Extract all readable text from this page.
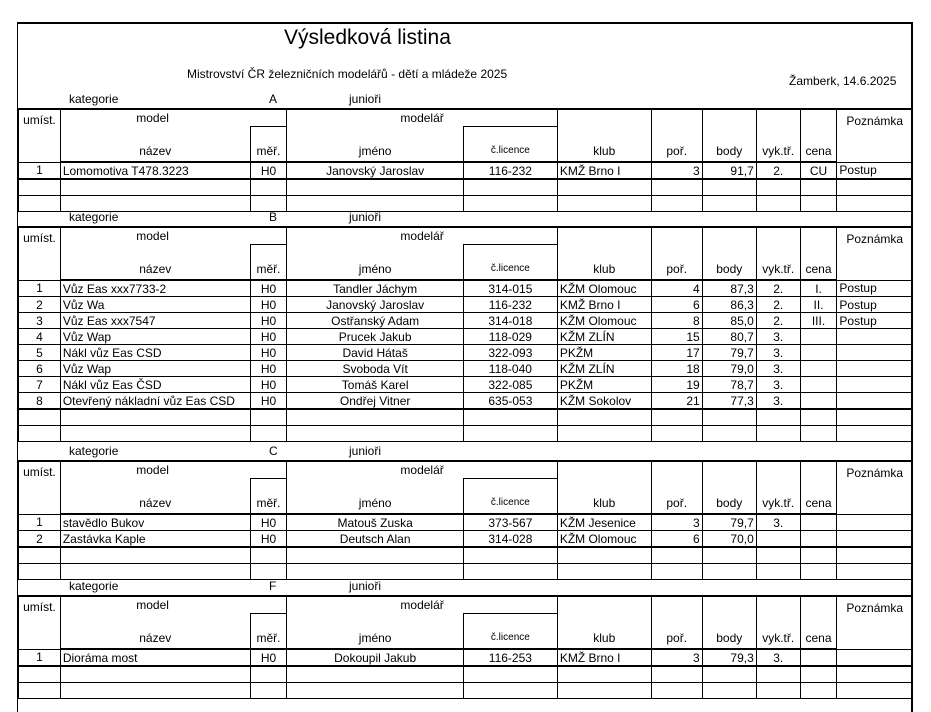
Výsledková listina
Mistrovství ČR železničních modelářů - dětí a mládeže 2025	Žamberk, 14.6.2025
kategorie	A	junioři
umíst.	model		modelář							Poznámka
	název	měř.	jméno	č.licence	klub	poř.	body	vyk.tř.	cena	
1	Lomomotiva T478.3223	H0	Janovský Jaroslav	116-232	KMŽ Brno I	3	91,7	2.	CU	Postup

kategorie	B	junioři
umíst.	model		modelář							Poznámka
	název	měř.	jméno	č.licence	klub	poř.	body	vyk.tř.	cena	
1	Vůz Eas xxx7733-2	H0	Tandler Jáchym	314-015	KŽM Olomouc	4	87,3	2.	I.	Postup
2	Vůz Wa	H0	Janovský Jaroslav	116-232	KMŽ Brno I	6	86,3	2.	II.	Postup
3	Vůz Eas xxx7547	H0	Ostřanský Adam	314-018	KŽM Olomouc	8	85,0	2.	III.	Postup
4	Vůz Wap	H0	Prucek Jakub	118-029	KŽM ZLÍN	15	80,7	3.		
5	Nákl vůz Eas CSD	H0	David Hátaš	322-093	PKŽM	17	79,7	3.		
6	Vůz Wap	H0	Svoboda Vít	118-040	KŽM ZLÍN	18	79,0	3.		
7	Nákl vůz Eas ČSD	H0	Tomáš Karel	322-085	PKŽM	19	78,7	3.		
8	Otevřený nákladní vůz Eas CSD	H0	Ondřej Vitner	635-053	KŽM Sokolov	21	77,3	3.		

kategorie	C	junioři
umíst.	model		modelář							Poznámka
	název	měř.	jméno	č.licence	klub	poř.	body	vyk.tř.	cena	
1	stavědlo Bukov	H0	Matouš Zuska	373-567	KŽM Jesenice	3	79,7	3.		
2	Zastávka Kaple	H0	Deutsch Alan	314-028	KŽM Olomouc	6	70,0			

kategorie	F	junioři
umíst.	model		modelář							Poznámka
	název	měř.	jméno	č.licence	klub	poř.	body	vyk.tř.	cena	
1	Dioráma most	H0	Dokoupil Jakub	116-253	KMŽ Brno I	3	79,3	3.		
